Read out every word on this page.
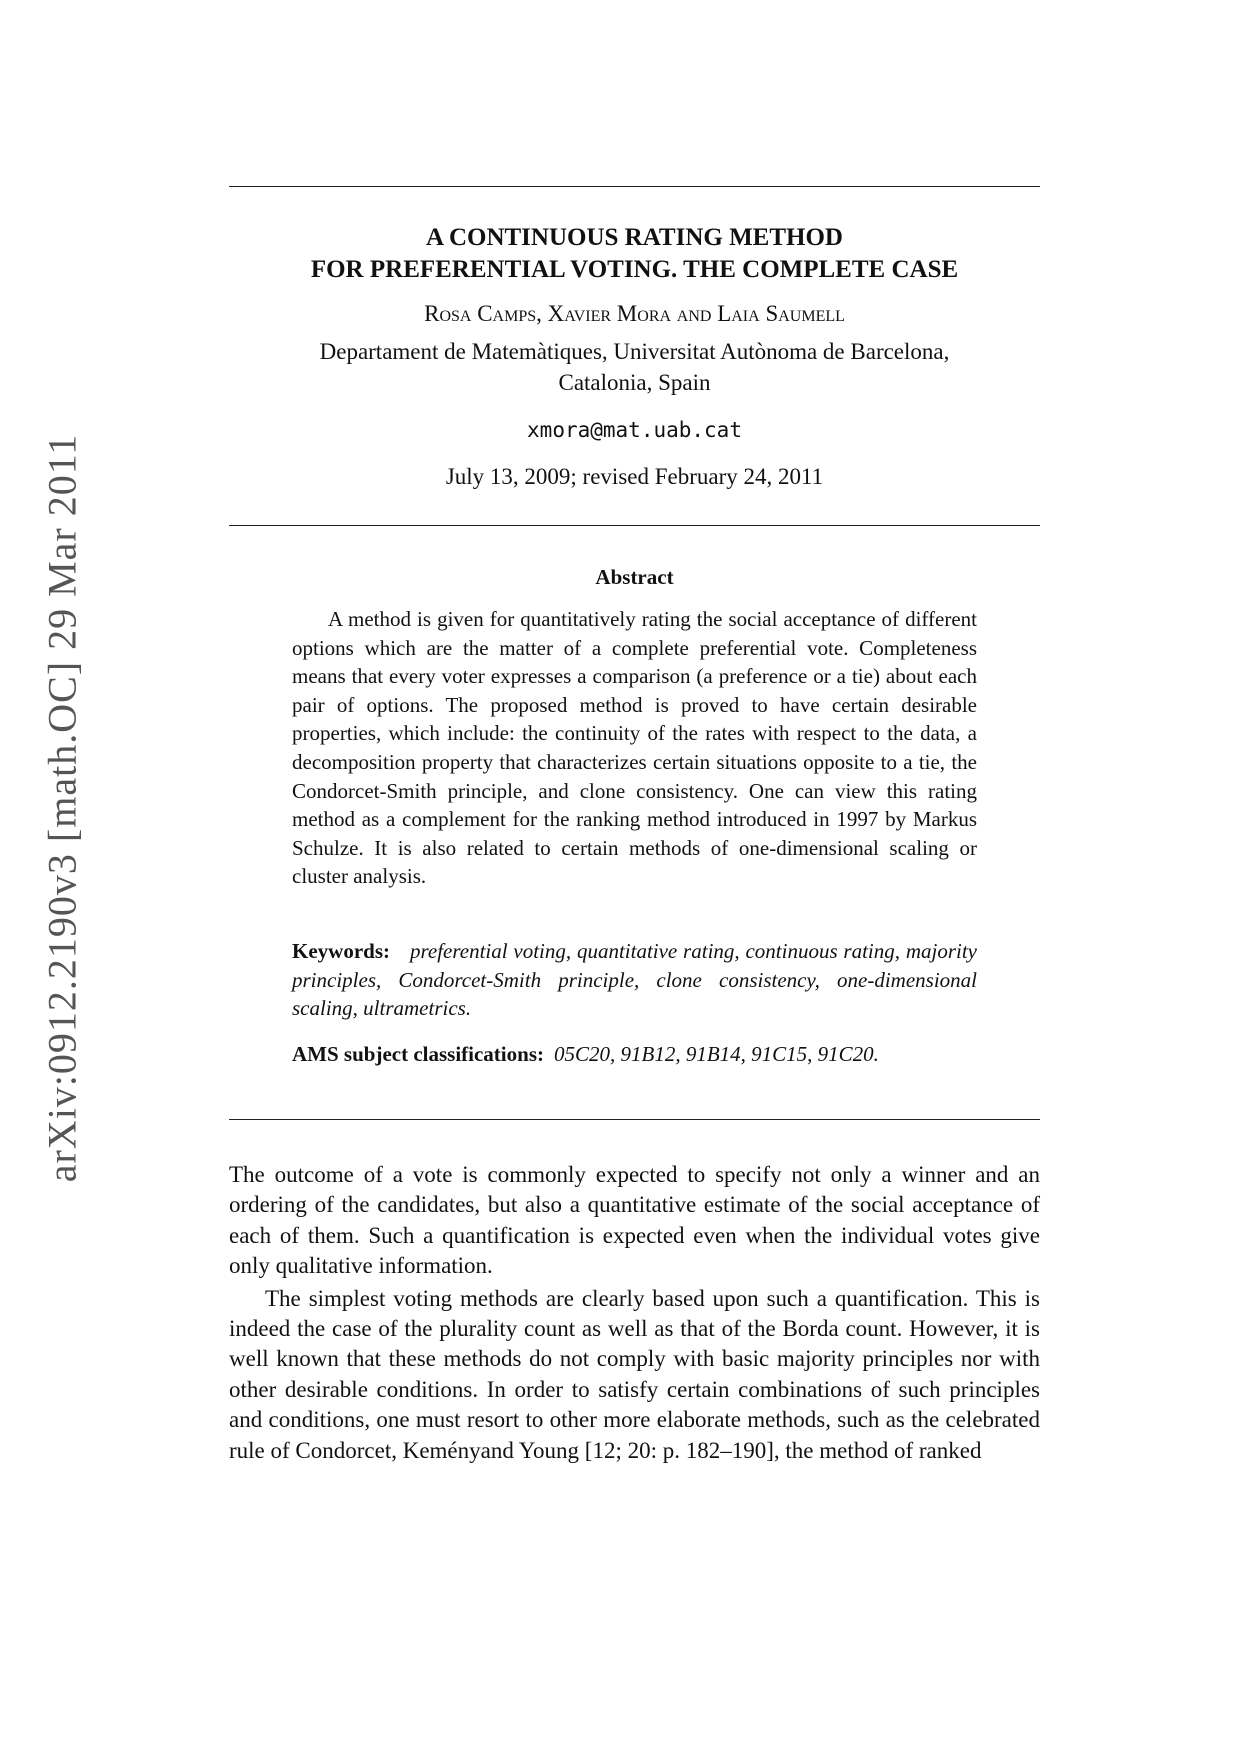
arXiv:0912.2190v3 [math.OC] 29 Mar 2011
A CONTINUOUS RATING METHOD
FOR PREFERENTIAL VOTING. THE COMPLETE CASE
Rosa Camps, Xavier Mora and Laia Saumell
Departament de Matemàtiques, Universitat Autònoma de Barcelona,
Catalonia, Spain
xmora@mat.uab.cat
July 13, 2009; revised February 24, 2011
Abstract

A method is given for quantitatively rating the social acceptance of different options which are the matter of a complete preferential vote. Completeness means that every voter expresses a comparison (a preference or a tie) about each pair of options. The proposed method is proved to have certain desirable properties, which include: the continuity of the rates with respect to the data, a decomposition property that characterizes certain situations opposite to a tie, the Condorcet-Smith principle, and clone consistency. One can view this rating method as a complement for the ranking method introduced in 1997 by Markus Schulze. It is also related to certain methods of one-dimensional scaling or cluster analysis.

Keywords: preferential voting, quantitative rating, continuous rating, majority principles, Condorcet-Smith principle, clone consistency, one-dimensional scaling, ultrametrics.

AMS subject classifications: 05C20, 91B12, 91B14, 91C15, 91C20.

The outcome of a vote is commonly expected to specify not only a winner and an ordering of the candidates, but also a quantitative estimate of the social acceptance of each of them. Such a quantification is expected even when the individual votes give only qualitative information.

The simplest voting methods are clearly based upon such a quantification. This is indeed the case of the plurality count as well as that of the Borda count. However, it is well known that these methods do not comply with basic majority principles nor with other desirable conditions. In order to satisfy certain combinations of such principles and conditions, one must resort to other more elaborate methods, such as the celebrated rule of Condorcet, Keményand Young [12; 20: p. 182–190], the method of ranked
